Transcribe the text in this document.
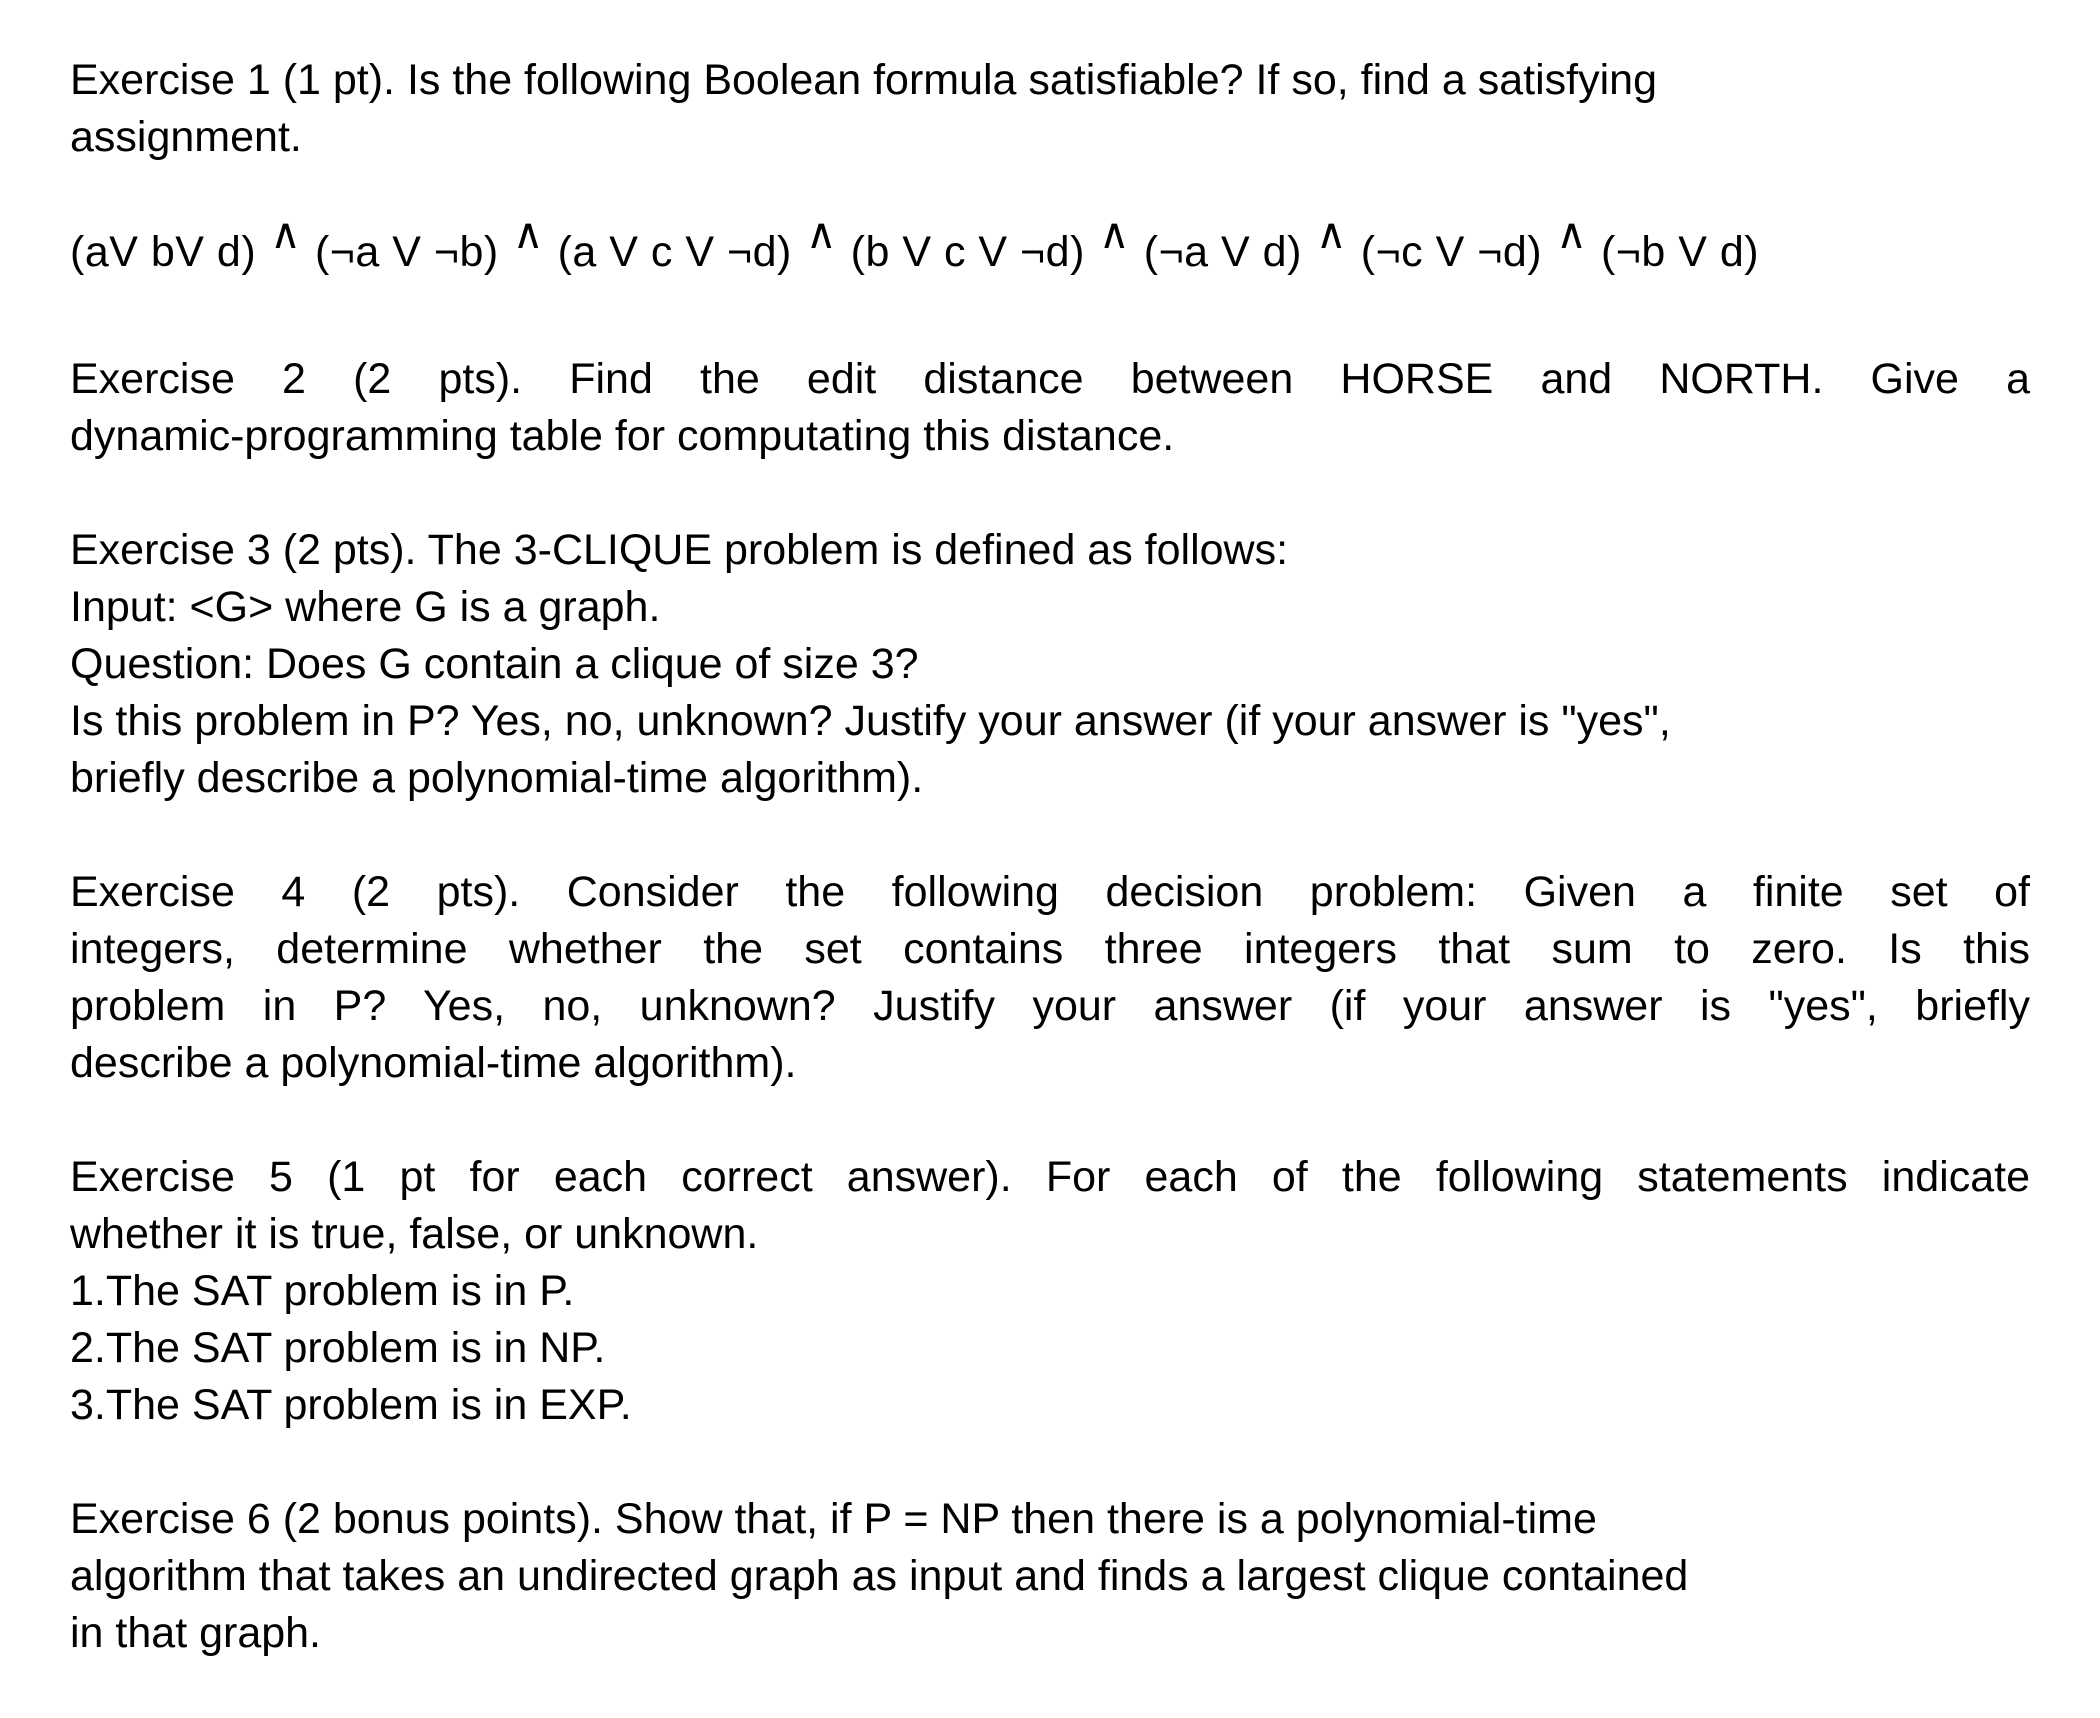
Exercise 1 (1 pt). Is the following Boolean formula satisfiable? If so, find a satisfying
assignment.

(aV bV d) ∧ (¬a V ¬b) ∧ (a V c V ¬d) ∧ (b V c V ¬d) ∧ (¬a V d) ∧ (¬c V ¬d) ∧ (¬b V d)

Exercise 2 (2 pts). Find the edit distance between HORSE and NORTH. Give a
dynamic-programming table for computating this distance.

Exercise 3 (2 pts). The 3-CLIQUE problem is defined as follows:
Input: <G> where G is a graph.
Question: Does G contain a clique of size 3?
Is this problem in P? Yes, no, unknown? Justify your answer (if your answer is "yes",
briefly describe a polynomial-time algorithm).

Exercise 4 (2 pts). Consider the following decision problem: Given a finite set of
integers, determine whether the set contains three integers that sum to zero. Is this
problem in P? Yes, no, unknown? Justify your answer (if your answer is "yes", briefly
describe a polynomial-time algorithm).

Exercise 5 (1 pt for each correct answer). For each of the following statements indicate
whether it is true, false, or unknown.
1.The SAT problem is in P.
2.The SAT problem is in NP.
3.The SAT problem is in EXP.

Exercise 6 (2 bonus points). Show that, if P = NP then there is a polynomial-time
algorithm that takes an undirected graph as input and finds a largest clique contained
in that graph.
